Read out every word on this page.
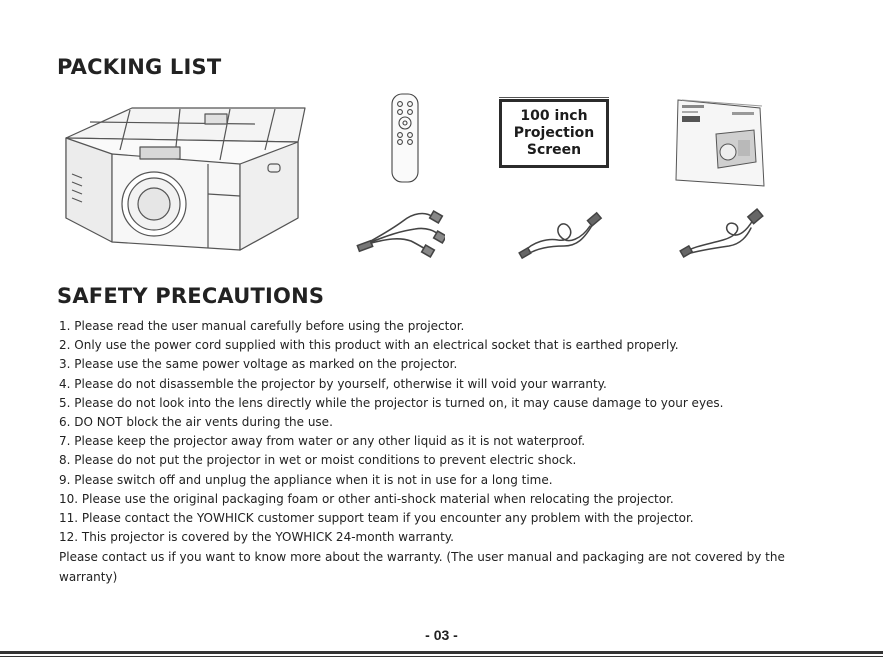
PACKING LIST
100 inch
Projection
Screen
SAFETY PRECAUTIONS
1. Please read the user manual carefully before using the projector.
2. Only use the power cord supplied with this product with an electrical socket that is earthed properly.
3. Please use the same power voltage as marked on the projector.
4. Please do not disassemble the projector by yourself, otherwise it will void your warranty.
5. Please do not look into the lens directly while the projector is turned on, it may cause damage to your eyes.
6. DO NOT block the air vents during the use.
7. Please keep the projector away from water or any other liquid as it is not waterproof.
8. Please do not put the projector in wet or moist conditions to prevent electric shock.
9. Please switch off and unplug the appliance when it is not in use for a long time.
10. Please use the original packaging foam or other anti-shock material when relocating the projector.
11. Please contact the YOWHICK customer support team if you encounter any problem with the projector.
12. This projector is covered by the YOWHICK 24-month warranty.
Please contact us if you want to know more about the warranty. (The user manual and packaging are not covered by the warranty)
- 03 -
